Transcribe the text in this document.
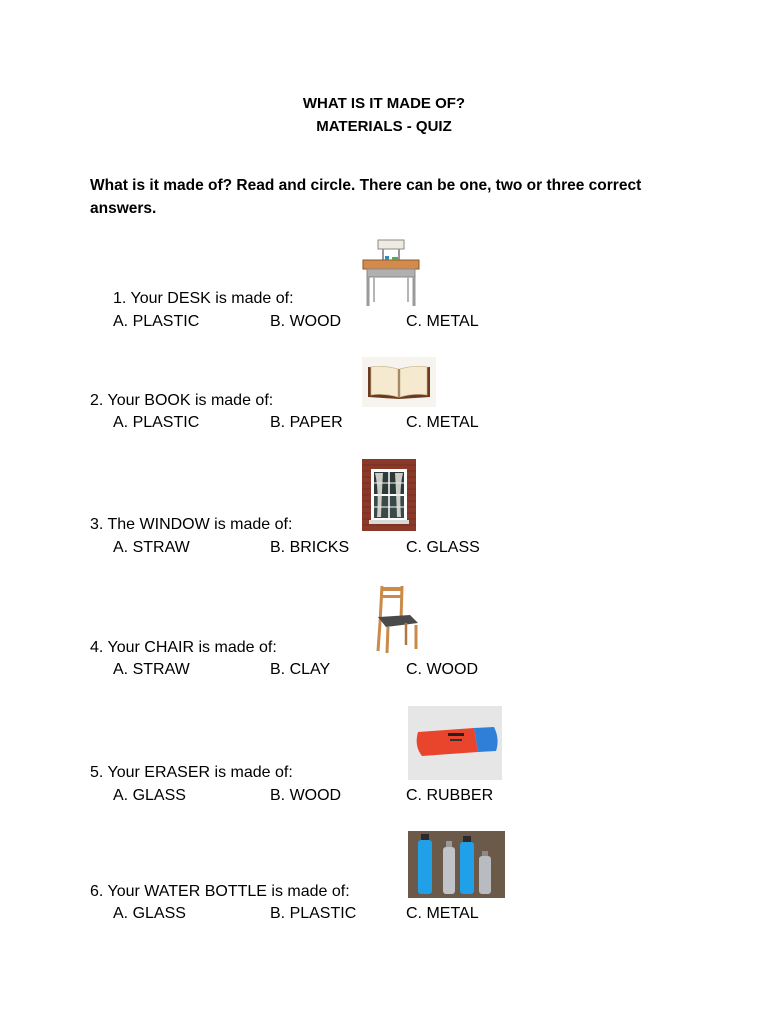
WHAT IS IT MADE OF?
MATERIALS - QUIZ
What is it made of? Read and circle. There can be one, two or three correct answers.
1. Your DESK is made of:
A. PLASTIC	B. WOOD	C. METAL
2. Your BOOK is made of:
A. PLASTIC	B. PAPER	C. METAL
3. The WINDOW is made of:
A. STRAW	B. BRICKS	C. GLASS
4. Your CHAIR is made of:
A. STRAW	B. CLAY	C. WOOD
5. Your ERASER is made of:
A. GLASS	B. WOOD	C. RUBBER
6. Your WATER BOTTLE is made of:
A. GLASS	B. PLASTIC	C. METAL
